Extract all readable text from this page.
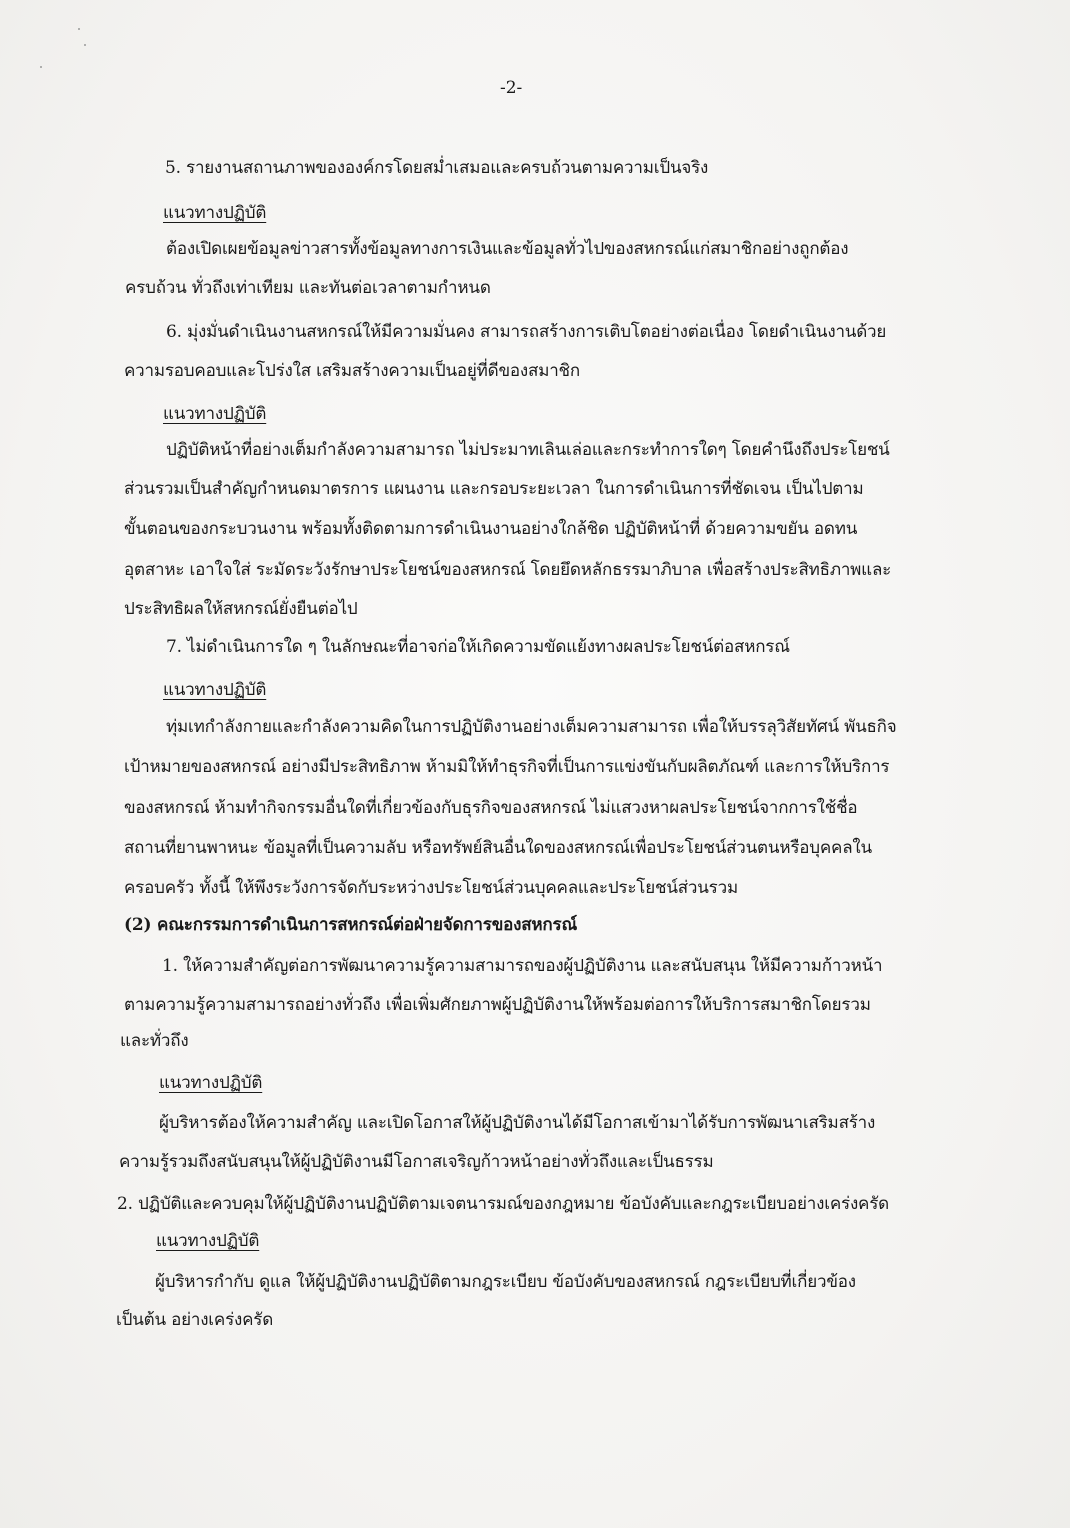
-2-
5. รายงานสถานภาพขององค์กรโดยสม่ำเสมอและครบถ้วนตามความเป็นจริง
แนวทางปฏิบัติ
ต้องเปิดเผยข้อมูลข่าวสารทั้งข้อมูลทางการเงินและข้อมูลทั่วไปของสหกรณ์แก่สมาชิกอย่างถูกต้อง
ครบถ้วน ทั่วถึงเท่าเทียม และทันต่อเวลาตามกำหนด
6. มุ่งมั่นดำเนินงานสหกรณ์ให้มีความมั่นคง สามารถสร้างการเติบโตอย่างต่อเนื่อง โดยดำเนินงานด้วย
ความรอบคอบและโปร่งใส เสริมสร้างความเป็นอยู่ที่ดีของสมาชิก
แนวทางปฏิบัติ
ปฏิบัติหน้าที่อย่างเต็มกำลังความสามารถ ไม่ประมาทเลินเล่อและกระทำการใดๆ โดยคำนึงถึงประโยชน์
ส่วนรวมเป็นสำคัญกำหนดมาตรการ แผนงาน และกรอบระยะเวลา ในการดำเนินการที่ชัดเจน เป็นไปตาม
ขั้นตอนของกระบวนงาน พร้อมทั้งติดตามการดำเนินงานอย่างใกล้ชิด ปฏิบัติหน้าที่ ด้วยความขยัน อดทน
อุตสาหะ เอาใจใส่ ระมัดระวังรักษาประโยชน์ของสหกรณ์ โดยยึดหลักธรรมาภิบาล เพื่อสร้างประสิทธิภาพและ
ประสิทธิผลให้สหกรณ์ยั่งยืนต่อไป
7. ไม่ดำเนินการใด ๆ ในลักษณะที่อาจก่อให้เกิดความขัดแย้งทางผลประโยชน์ต่อสหกรณ์
แนวทางปฏิบัติ
ทุ่มเทกำลังกายและกำลังความคิดในการปฏิบัติงานอย่างเต็มความสามารถ เพื่อให้บรรลุวิสัยทัศน์ พันธกิจ
เป้าหมายของสหกรณ์ อย่างมีประสิทธิภาพ ห้ามมิให้ทำธุรกิจที่เป็นการแข่งขันกับผลิตภัณฑ์ และการให้บริการ
ของสหกรณ์ ห้ามทำกิจกรรมอื่นใดที่เกี่ยวข้องกับธุรกิจของสหกรณ์ ไม่แสวงหาผลประโยชน์จากการใช้ชื่อ
สถานที่ยานพาหนะ ข้อมูลที่เป็นความลับ หรือทรัพย์สินอื่นใดของสหกรณ์เพื่อประโยชน์ส่วนตนหรือบุคคลใน
ครอบครัว ทั้งนี้ ให้พึงระวังการจัดกับระหว่างประโยชน์ส่วนบุคคลและประโยชน์ส่วนรวม
(2) คณะกรรมการดำเนินการสหกรณ์ต่อฝ่ายจัดการของสหกรณ์
1. ให้ความสำคัญต่อการพัฒนาความรู้ความสามารถของผู้ปฏิบัติงาน และสนับสนุน ให้มีความก้าวหน้า
ตามความรู้ความสามารถอย่างทั่วถึง เพื่อเพิ่มศักยภาพผู้ปฏิบัติงานให้พร้อมต่อการให้บริการสมาชิกโดยรวม
และทั่วถึง
แนวทางปฏิบัติ
ผู้บริหารต้องให้ความสำคัญ และเปิดโอกาสให้ผู้ปฏิบัติงานได้มีโอกาสเข้ามาได้รับการพัฒนาเสริมสร้าง
ความรู้รวมถึงสนับสนุนให้ผู้ปฏิบัติงานมีโอกาสเจริญก้าวหน้าอย่างทั่วถึงและเป็นธรรม
2. ปฏิบัติและควบคุมให้ผู้ปฏิบัติงานปฏิบัติตามเจตนารมณ์ของกฎหมาย ข้อบังคับและกฎระเบียบอย่างเคร่งครัด
แนวทางปฏิบัติ
ผู้บริหารกำกับ ดูแล ให้ผู้ปฏิบัติงานปฏิบัติตามกฎระเบียบ ข้อบังคับของสหกรณ์ กฎระเบียบที่เกี่ยวข้อง
เป็นต้น อย่างเคร่งครัด
